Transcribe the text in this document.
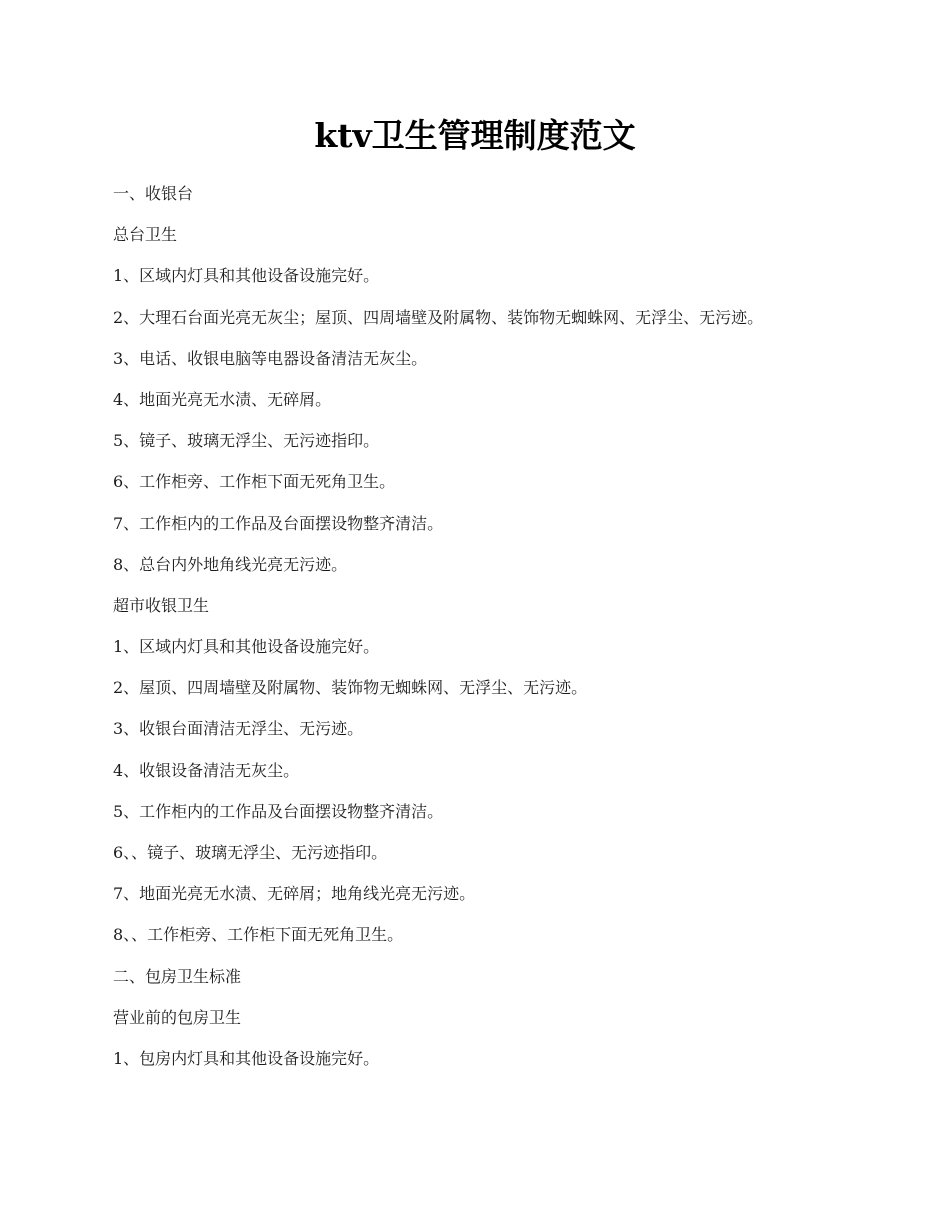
ktv卫生管理制度范文

一、收银台

总台卫生

1、区域内灯具和其他设备设施完好。

2、大理石台面光亮无灰尘；屋顶、四周墙壁及附属物、装饰物无蜘蛛网、无浮尘、无污迹。

3、电话、收银电脑等电器设备清洁无灰尘。

4、地面光亮无水渍、无碎屑。

5、镜子、玻璃无浮尘、无污迹指印。

6、工作柜旁、工作柜下面无死角卫生。

7、工作柜内的工作品及台面摆设物整齐清洁。

8、总台内外地角线光亮无污迹。

超市收银卫生

1、区域内灯具和其他设备设施完好。

2、屋顶、四周墙壁及附属物、装饰物无蜘蛛网、无浮尘、无污迹。

3、收银台面清洁无浮尘、无污迹。

4、收银设备清洁无灰尘。

5、工作柜内的工作品及台面摆设物整齐清洁。

6、、镜子、玻璃无浮尘、无污迹指印。

7、地面光亮无水渍、无碎屑；地角线光亮无污迹。

8、、工作柜旁、工作柜下面无死角卫生。

二、包房卫生标准

营业前的包房卫生

1、包房内灯具和其他设备设施完好。
